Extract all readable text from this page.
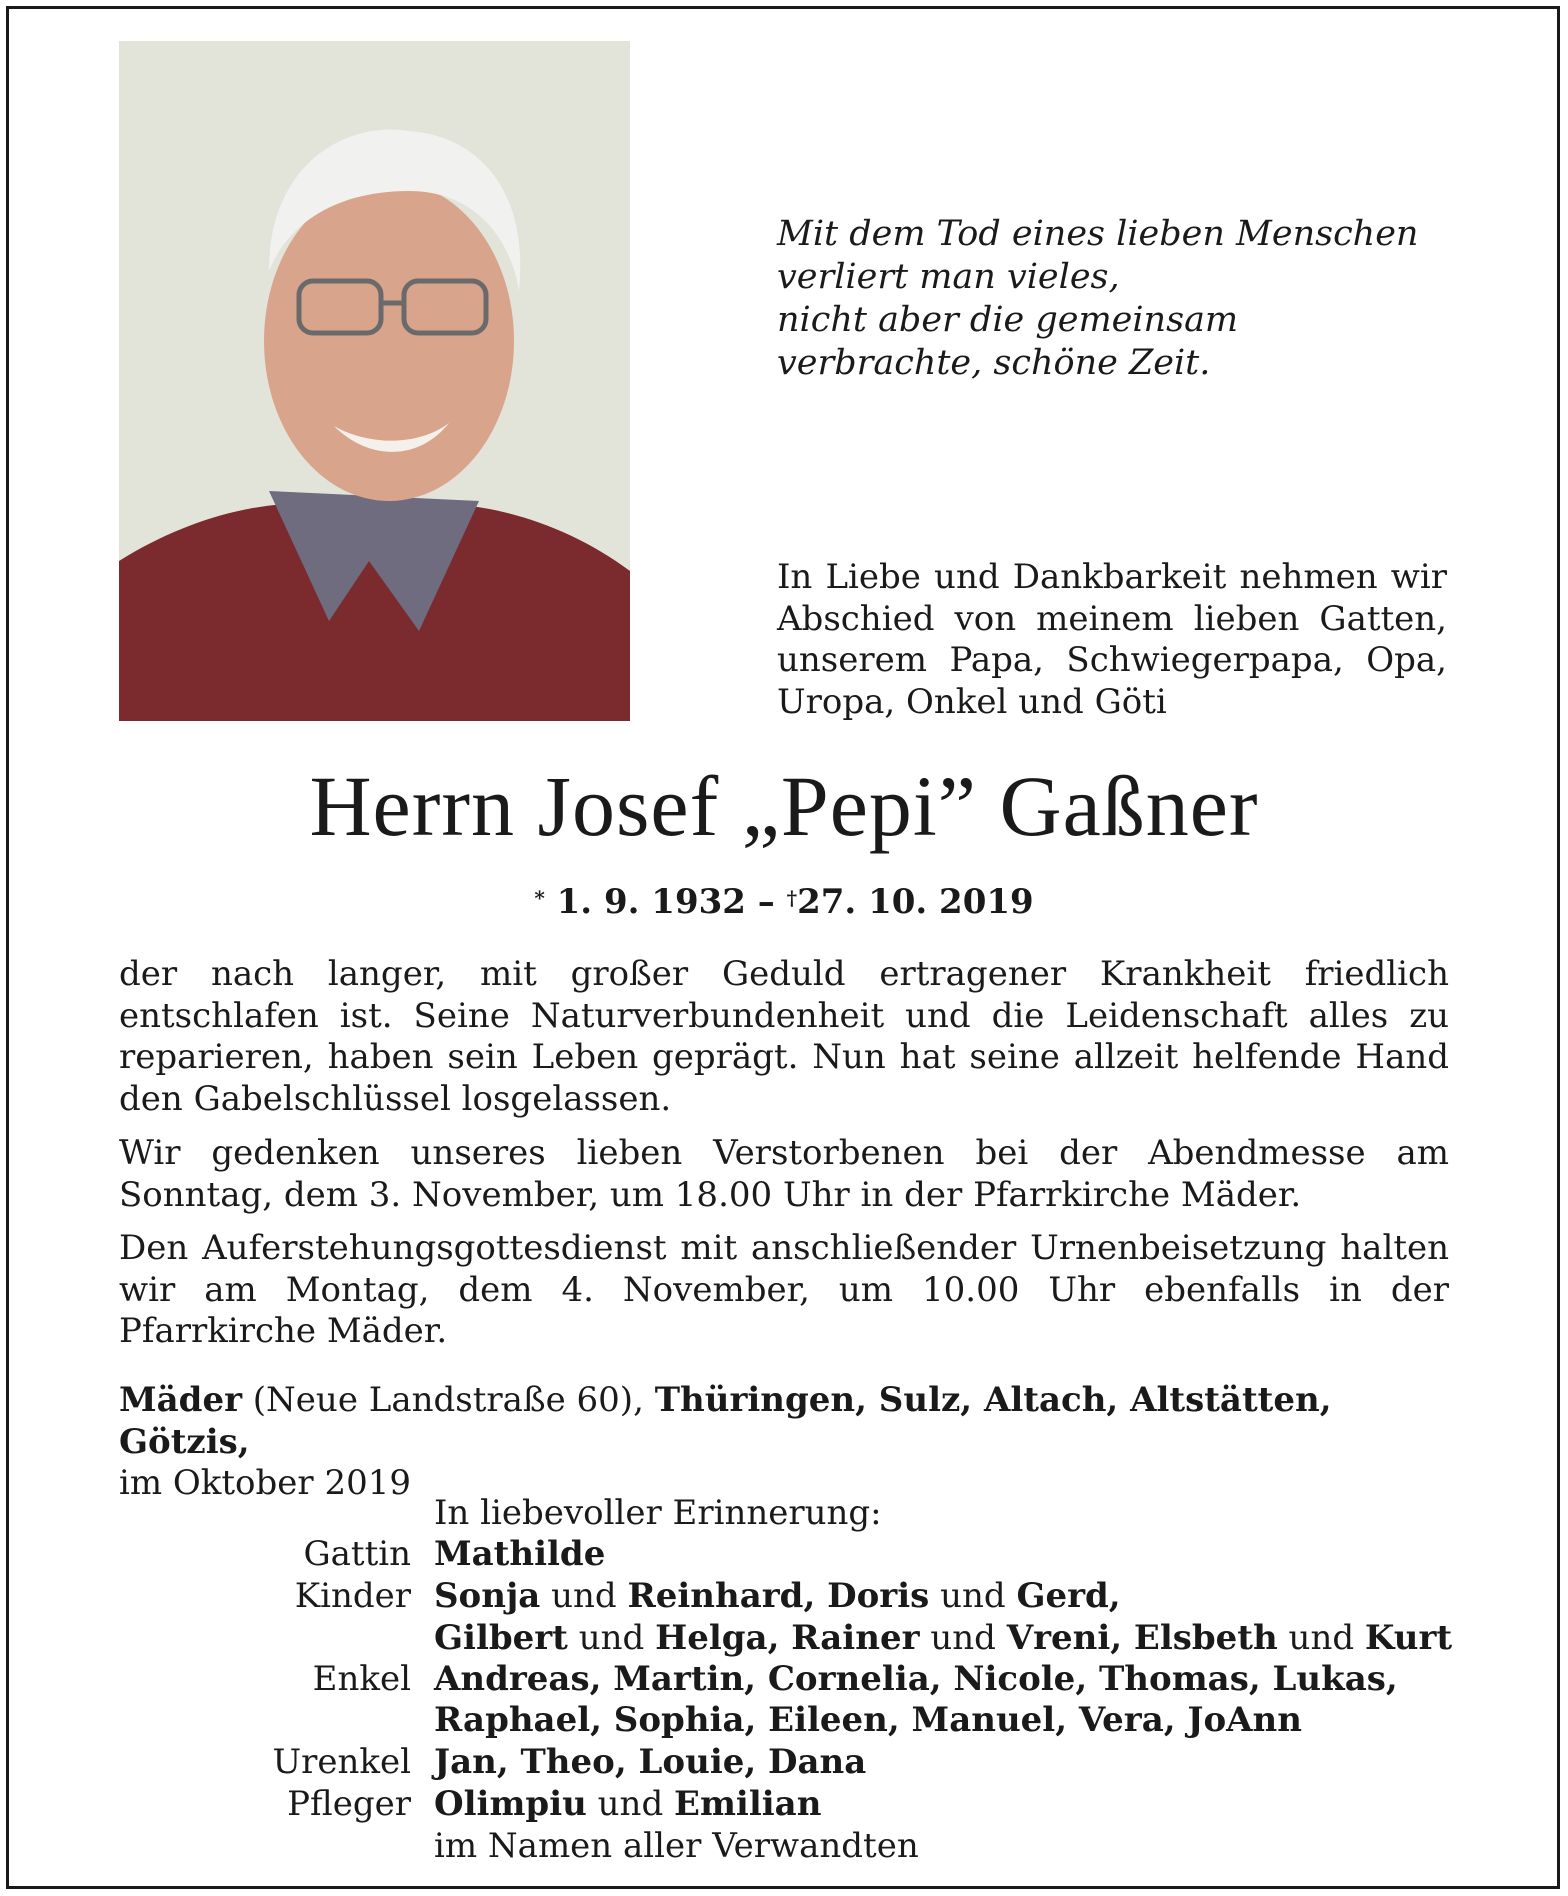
Mit dem Tod eines lieben Menschen
verliert man vieles,
nicht aber die gemeinsam
verbrachte, schöne Zeit.
In Liebe und Dankbarkeit nehmen wir Abschied von meinem lieben Gatten, unserem Papa, Schwiegerpapa, Opa, Uropa, Onkel und Göti
Herrn Josef „Pepi” Gaßner
* 1. 9. 1932 – †27. 10. 2019
der nach langer, mit großer Geduld ertragener Krankheit friedlich entschlafen ist. Seine Naturverbundenheit und die Leidenschaft alles zu reparieren, haben sein Leben geprägt. Nun hat seine allzeit helfende Hand den Gabelschlüssel losgelassen.
Wir gedenken unseres lieben Verstorbenen bei der Abendmesse am Sonntag, dem 3. November, um 18.00 Uhr in der Pfarrkirche Mäder.
Den Auferstehungsgottesdienst mit anschließender Urnenbeisetzung halten wir am Montag, dem 4. November, um 10.00 Uhr ebenfalls in der Pfarrkirche Mäder.
Mäder (Neue Landstraße 60), Thüringen, Sulz, Altach, Altstätten, Götzis,
im Oktober 2019
In liebevoller Erinnerung:
Gattin Mathilde
Kinder Sonja und Reinhard, Doris und Gerd,
Gilbert und Helga, Rainer und Vreni, Elsbeth und Kurt
Enkel Andreas, Martin, Cornelia, Nicole, Thomas, Lukas,
Raphael, Sophia, Eileen, Manuel, Vera, JoAnn
Urenkel Jan, Theo, Louie, Dana
Pfleger Olimpiu und Emilian
im Namen aller Verwandten
